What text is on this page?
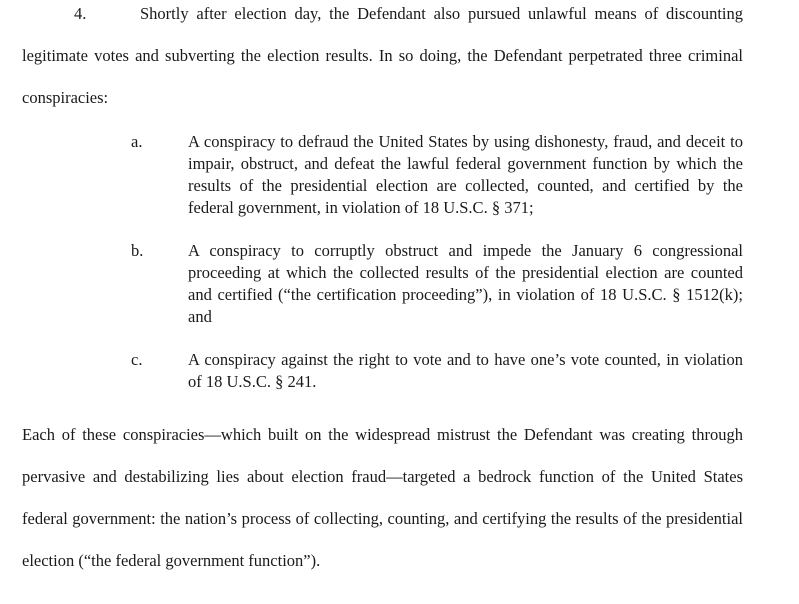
4.	Shortly after election day, the Defendant also pursued unlawful means of discounting legitimate votes and subverting the election results. In so doing, the Defendant perpetrated three criminal conspiracies:

a.	A conspiracy to defraud the United States by using dishonesty, fraud, and deceit to impair, obstruct, and defeat the lawful federal government function by which the results of the presidential election are collected, counted, and certified by the federal government, in violation of 18 U.S.C. § 371;

b.	A conspiracy to corruptly obstruct and impede the January 6 congressional proceeding at which the collected results of the presidential election are counted and certified (“the certification proceeding”), in violation of 18 U.S.C. § 1512(k); and

c.	A conspiracy against the right to vote and to have one’s vote counted, in violation of 18 U.S.C. § 241.

Each of these conspiracies—which built on the widespread mistrust the Defendant was creating through pervasive and destabilizing lies about election fraud—targeted a bedrock function of the United States federal government: the nation’s process of collecting, counting, and certifying the results of the presidential election (“the federal government function”).
